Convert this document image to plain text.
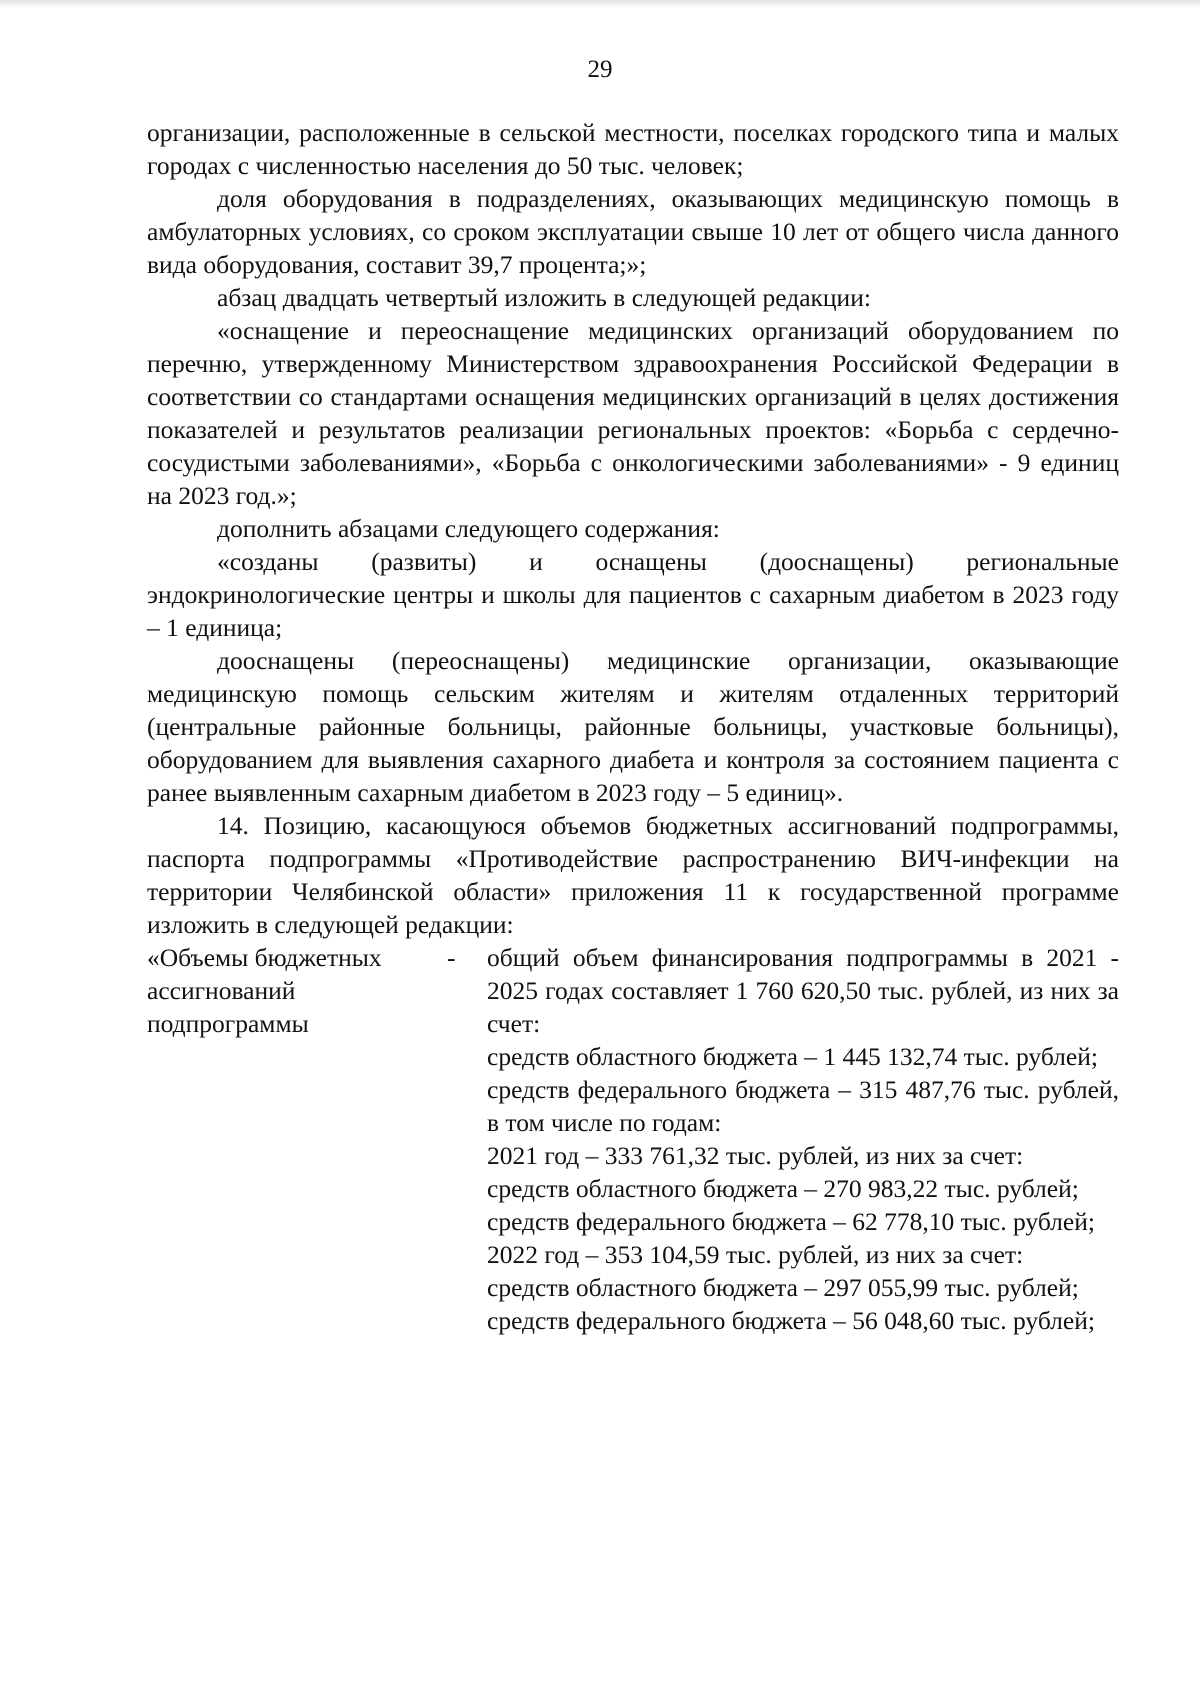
29

организации, расположенные в сельской местности, поселках городского типа и малых городах с численностью населения до 50 тыс. человек;

доля оборудования в подразделениях, оказывающих медицинскую помощь в амбулаторных условиях, со сроком эксплуатации свыше 10 лет от общего числа данного вида оборудования, составит 39,7 процента;»;

абзац двадцать четвертый изложить в следующей редакции:

«оснащение и переоснащение медицинских организаций оборудованием по перечню, утвержденному Министерством здравоохранения Российской Федерации в соответствии со стандартами оснащения медицинских организаций в целях достижения показателей и результатов реализации региональных проектов: «Борьба с сердечно-сосудистыми заболеваниями», «Борьба с онкологическими заболеваниями» - 9 единиц на 2023 год.»;

дополнить абзацами следующего содержания:

«созданы (развиты) и оснащены (дооснащены) региональные эндокринологические центры и школы для пациентов с сахарным диабетом в 2023 году – 1 единица;

дооснащены (переоснащены) медицинские организации, оказывающие медицинскую помощь сельским жителям и жителям отдаленных территорий (центральные районные больницы, районные больницы, участковые больницы), оборудованием для выявления сахарного диабета и контроля за состоянием пациента с ранее выявленным сахарным диабетом в 2023 году – 5 единиц».

14. Позицию, касающуюся объемов бюджетных ассигнований подпрограммы, паспорта подпрограммы «Противодействие распространению ВИЧ-инфекции на территории Челябинской области» приложения 11 к государственной программе изложить в следующей редакции:

«Объемы бюджетных ассигнований подпрограммы

-	общий объем финансирования подпрограммы в 2021 - 2025 годах составляет 1 760 620,50 тыс. рублей, из них за счет:

средств областного бюджета – 1 445 132,74 тыс. рублей;

средств федерального бюджета – 315 487,76 тыс. рублей, в том числе по годам:

2021 год – 333 761,32 тыс. рублей, из них за счет:

средств областного бюджета – 270 983,22 тыс. рублей;

средств федерального бюджета – 62 778,10 тыс. рублей;

2022 год – 353 104,59 тыс. рублей, из них за счет:

средств областного бюджета – 297 055,99 тыс. рублей;

средств федерального бюджета – 56 048,60 тыс. рублей;
